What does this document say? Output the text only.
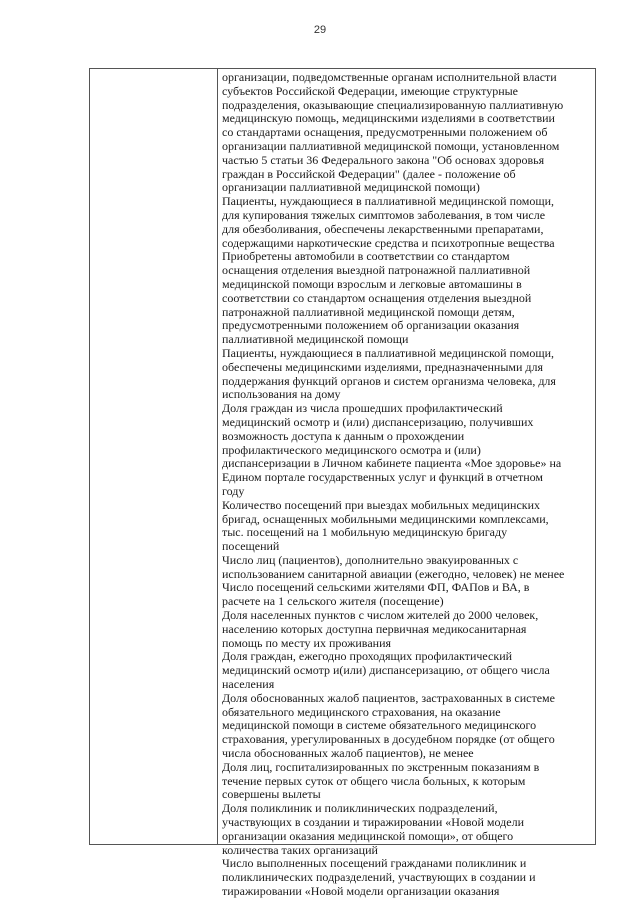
29

организации, подведомственные органам исполнительной власти
субъектов Российской Федерации, имеющие структурные
подразделения, оказывающие специализированную паллиативную
медицинскую помощь, медицинскими изделиями в соответствии
со стандартами оснащения, предусмотренными положением об
организации паллиативной медицинской помощи, установленном
частью 5 статьи 36 Федерального закона "Об основах здоровья
граждан в Российской Федерации" (далее - положение об
организации паллиативной медицинской помощи)

Пациенты, нуждающиеся в паллиативной медицинской помощи,
для купирования тяжелых симптомов заболевания, в том числе
для обезболивания, обеспечены лекарственными препаратами,
содержащими наркотические средства и психотропные вещества

Приобретены автомобили в соответствии со стандартом
оснащения отделения выездной патронажной паллиативной
медицинской помощи взрослым и легковые автомашины в
соответствии со стандартом оснащения отделения выездной
патронажной паллиативной медицинской помощи детям,
предусмотренными положением об организации оказания
паллиативной медицинской помощи

Пациенты, нуждающиеся в паллиативной медицинской помощи,
обеспечены медицинскими изделиями, предназначенными для
поддержания функций органов и систем организма человека, для
использования на дому

Доля граждан из числа прошедших профилактический
медицинский осмотр и (или) диспансеризацию, получивших
возможность доступа к данным о прохождении
профилактического медицинского осмотра и (или)
диспансеризации в Личном кабинете пациента «Мое здоровье» на
Едином портале государственных услуг и функций в отчетном
году

Количество посещений при выездах мобильных медицинских
бригад, оснащенных мобильными медицинскими комплексами,
тыс. посещений на 1 мобильную медицинскую бригаду
посещений

Число лиц (пациентов), дополнительно эвакуированных с
использованием санитарной авиации (ежегодно, человек) не менее

Число посещений сельскими жителями ФП, ФАПов и ВА, в
расчете на 1 сельского жителя (посещение)

Доля населенных пунктов с числом жителей до 2000 человек,
населению которых доступна первичная медикосанитарная
помощь по месту их проживания

Доля граждан, ежегодно проходящих профилактический
медицинский осмотр и(или) диспансеризацию, от общего числа
населения

Доля обоснованных жалоб пациентов, застрахованных в системе
обязательного медицинского страхования, на оказание
медицинской помощи в системе обязательного медицинского
страхования, урегулированных в досудебном порядке (от общего
числа обоснованных жалоб пациентов), не менее

Доля лиц, госпитализированных по экстренным показаниям в
течение первых суток от общего числа больных, к которым
совершены вылеты

Доля поликлиник и поликлинических подразделений,
участвующих в создании и тиражировании «Новой модели
организации оказания медицинской помощи», от общего
количества таких организаций

Число выполненных посещений гражданами поликлиник и
поликлинических подразделений, участвующих в создании и
тиражировании «Новой модели организации оказания
